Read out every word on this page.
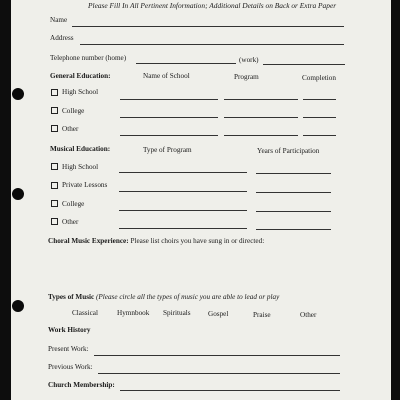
Please Fill In All Pertinent Information; Additional Details on Back or Extra Paper
Name
Address
Telephone number (home)	(work)
General Education:	Name of School	Program	Completion
High School
College
Other
Musical Education:	Type of Program	Years of Participation
High School
Private Lessons
College
Other
Choral Music Experience: Please list choirs you have sung in or directed:
Types of Music (Please circle all the types of music you are able to lead or play
Classical	Hymnbook Spirituals Gospel	Praise	Other
Work History
Present Work:
Previous Work:
Church Membership:
